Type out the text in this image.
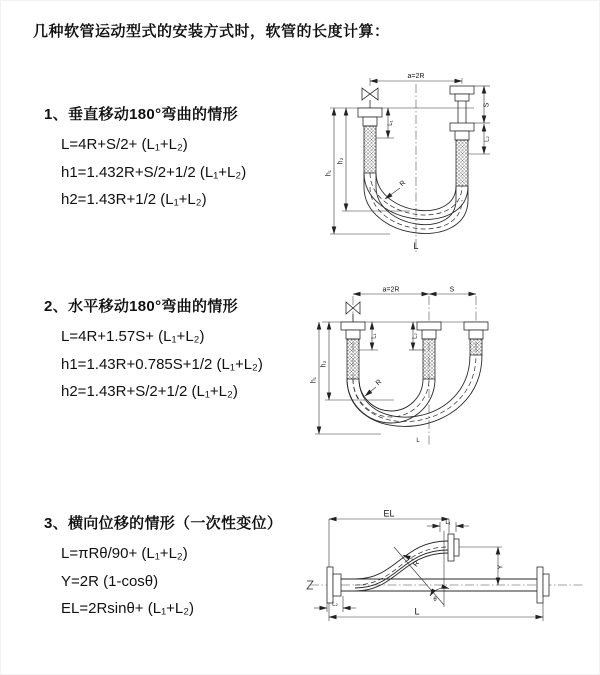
几种软管运动型式的安装方式时，软管的长度计算：
1、垂直移动180°弯曲的情形
L=4R+S/2+ (L₁+L₂)
h1=1.432R+S/2+1/2 (L₁+L₂)
h2=1.43R+1/2 (L₁+L₂)
a=2R
h₁
h₂
L₁
S
L₂
R
L
2、水平移动180°弯曲的情形
L=4R+1.57S+ (L₁+L₂)
h1=1.43R+0.785S+1/2 (L₁+L₂)
h2=1.43R+S/2+1/2 (L₁+L₂)
a=2R	S
h₁
h₂
L₁	L₂
R
L
3、横向位移的情形（一次性变位）
L=πRθ/90+ (L₁+L₂)
Y=2R (1-cosθ)
EL=2Rsinθ+ (L₁+L₂)	θ
EL
L₁
Y
R
L₂
L
